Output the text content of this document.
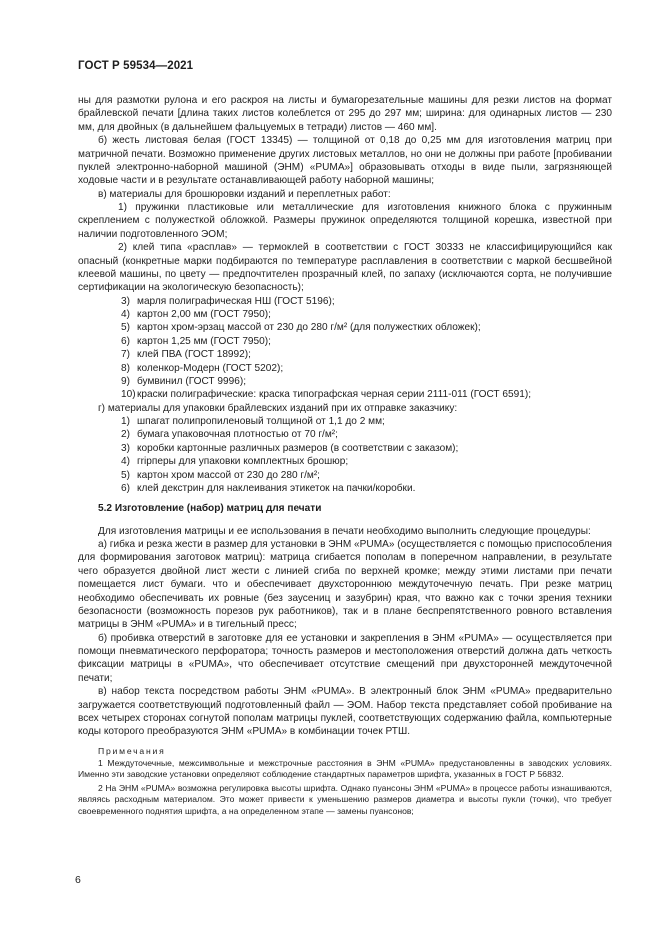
ГОСТ Р 59534—2021

ны для размотки рулона и его раскроя на листы и бумагорезательные машины для резки листов на формат брайлевской печати [длина таких листов колеблется от 295 до 297 мм; ширина: для одинарных листов — 230 мм, для двойных (в дальнейшем фальцуемых в тетради) листов — 460 мм].

б) жесть листовая белая (ГОСТ 13345) — толщиной от 0,18 до 0,25 мм для изготовления матриц при матричной печати. Возможно применение других листовых металлов, но они не должны при работе [пробивании пуклей электронно-наборной машиной (ЭНМ) «PUMA»] образовывать отходы в виде пыли, загрязняющей ходовые части и в результате останавливающей работу наборной машины;

в) материалы для брошюровки изданий и переплетных работ:

1) пружинки пластиковые или металлические для изготовления книжного блока с пружинным скреплением с полужесткой обложкой. Размеры пружинок определяются толщиной корешка, известной при наличии подготовленного ЭОМ;

2) клей типа «расплав» — термоклей в соответствии с ГОСТ 30333 не классифицирующийся как опасный (конкретные марки подбираются по температуре расплавления в соответствии с маркой бесшвейной клеевой машины, по цвету — предпочтителен прозрачный клей, по запаху (исключаются сорта, не получившие сертификации на экологическую безопасность);

3) марля полиграфическая НШ (ГОСТ 5196);

4) картон 2,00 мм (ГОСТ 7950);

5) картон хром-эрзац массой от 230 до 280 г/м² (для полужестких обложек);

6) картон 1,25 мм (ГОСТ 7950);

7) клей ПВА (ГОСТ 18992);

8) коленкор-Модерн (ГОСТ 5202);

9) бумвинил (ГОСТ 9996);

10)краски полиграфические: краска типографская черная серии 2111-011 (ГОСТ 6591);

г) материалы для упаковки брайлевских изданий при их отправке заказчику:

1) шпагат полипропиленовый толщиной от 1,1 до 2 мм;

2) бумага упаковочная плотностью от 70 г/м²;

3) коробки картонные различных размеров (в соответствии с заказом);

4) гripперы для упаковки комплектных брошюр;

5) картон хром массой от 230 до 280 г/м²;

6) клей декстрин для наклеивания этикеток на пачки/коробки.

5.2 Изготовление (набор) матриц для печати

Для изготовления матрицы и ее использования в печати необходимо выполнить следующие процедуры:

а) гибка и резка жести в размер для установки в ЭНМ «PUMA» (осуществляется с помощью приспособления для формирования заготовок матриц): матрица сгибается пополам в поперечном направлении, в результате чего образуется двойной лист жести с линией сгиба по верхней кромке; между этими листами при печати помещается лист бумаги. что и обеспечивает двухстороннюю междуточечную печать. При резке матриц необходимо обеспечивать их ровные (без заусениц и зазубрин) края, что важно как с точки зрения техники безопасности (возможность порезов рук работников), так и в плане беспрепятственного ровного вставления матрицы в ЭНМ «PUMA» и в тигельный пресс;

б) пробивка отверстий в заготовке для ее установки и закрепления в ЭНМ «PUMA» — осуществляется при помощи пневматического перфоратора; точность размеров и местоположения отверстий должна дать четкость фиксации матрицы в «PUMA», что обеспечивает отсутствие смещений при двухсторонней междуточечной печати;

в) набор текста посредством работы ЭНМ «PUMA». В электронный блок ЭНМ «PUMA» предварительно загружается соответствующий подготовленный файл — ЭОМ. Набор текста представляет собой пробивание на всех четырех сторонах согнутой пополам матрицы пуклей, соответствующих содержанию файла, компьютерные коды которого преобразуются ЭНМ «PUMA» в комбинации точек РТШ.

Примечания

1 Междуточечные, межсимвольные и межстрочные расстояния в ЭНМ «PUMA» предустановленны в заводских условиях. Именно эти заводские установки определяют соблюдение стандартных параметров шрифта, указанных в ГОСТ Р 56832.

2 На ЭНМ «PUMA» возможна регулировка высоты шрифта. Однако пуансоны ЭНМ «PUMA» в процессе работы изнашиваются, являясь расходным материалом. Это может привести к уменьшению размеров диаметра и высоты пукли (точки), что требует своевременного поднятия шрифта, а на определенном этапе — замены пуансонов;

6
